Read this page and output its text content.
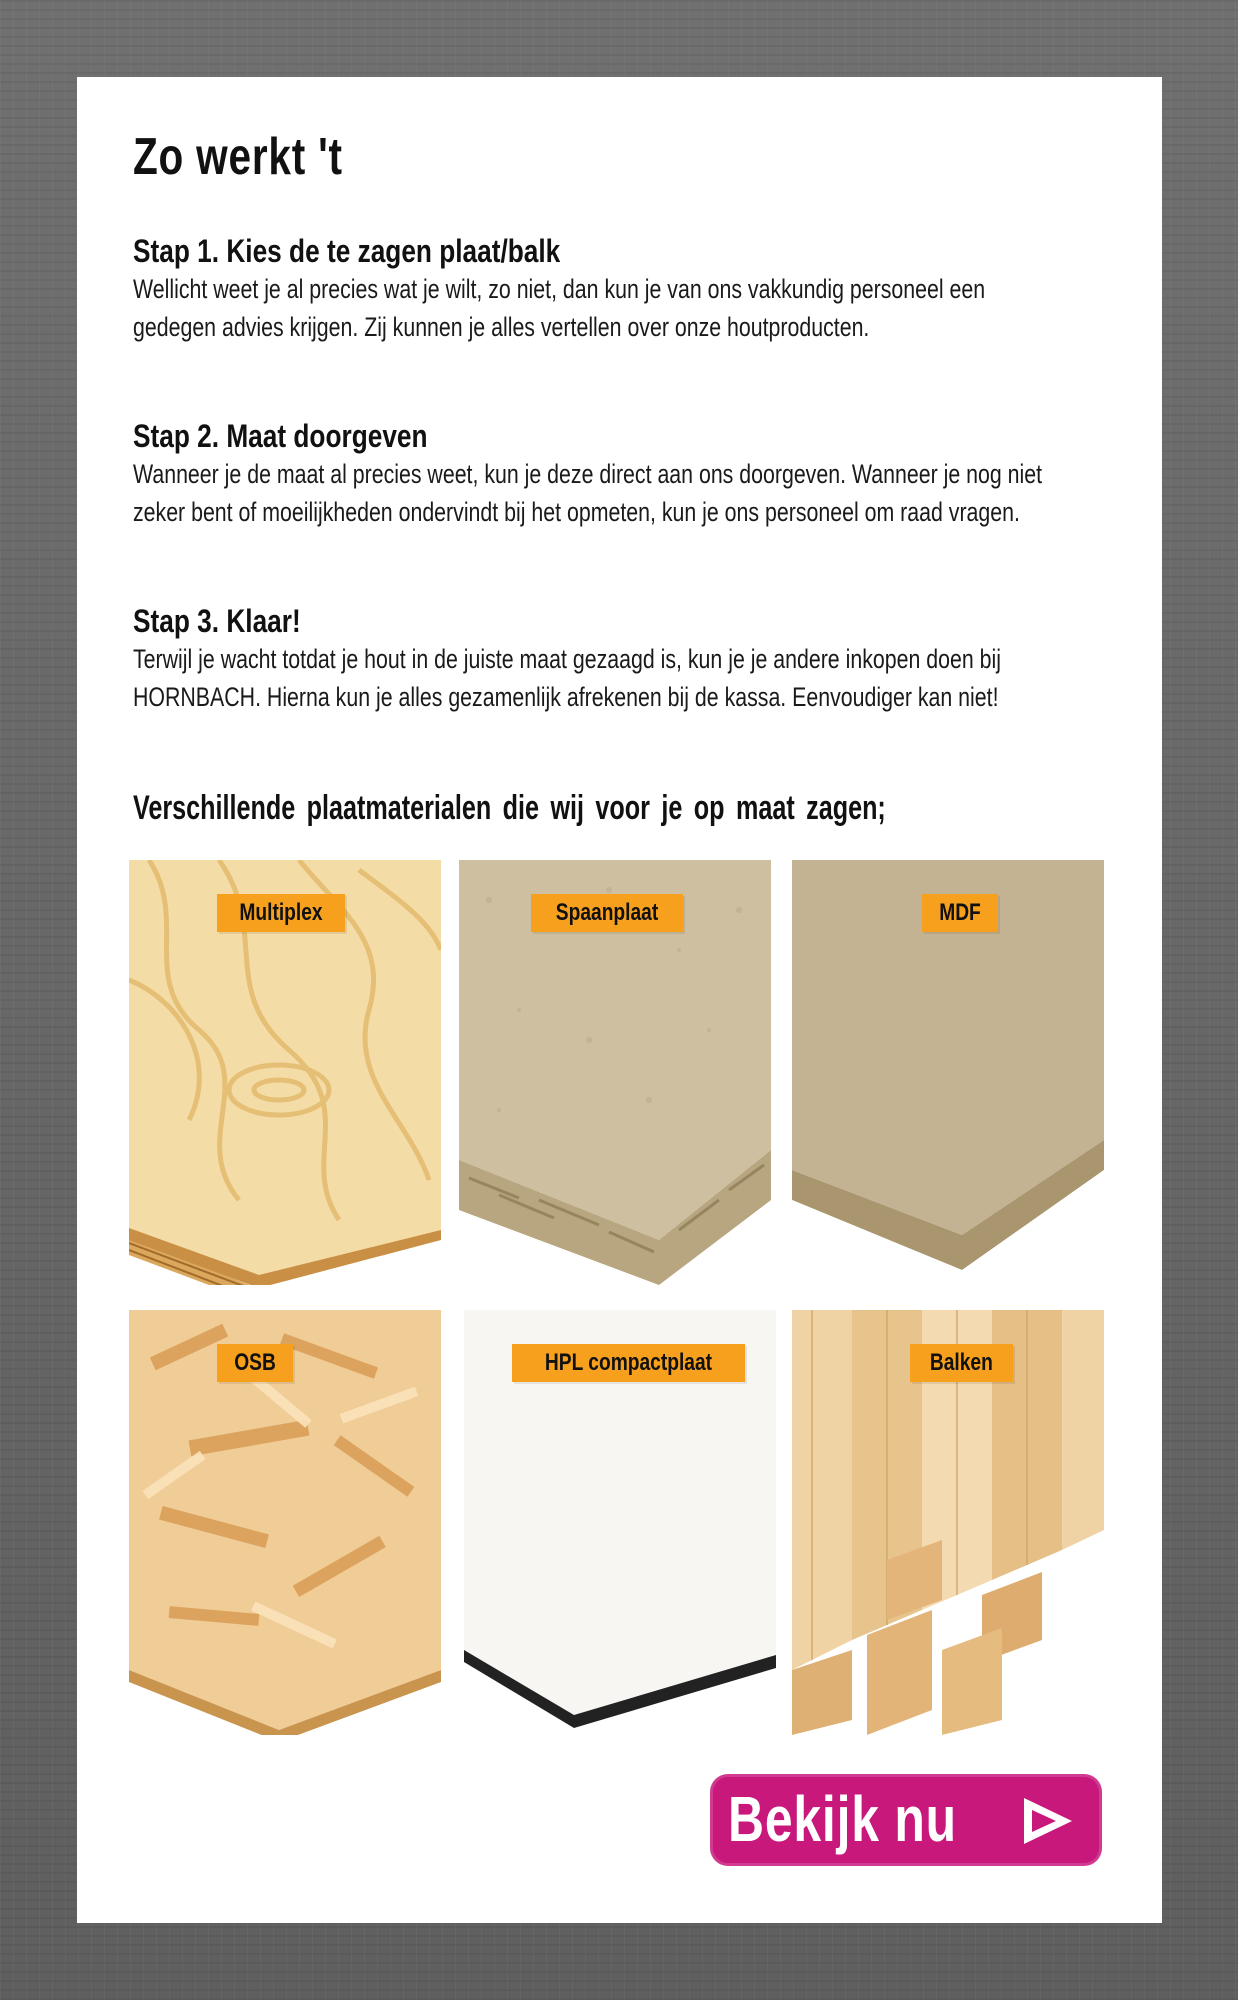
Zo werkt 't
Stap 1. Kies de te zagen plaat/balk

Wellicht weet je al precies wat je wilt, zo niet, dan kun je van ons vakkundig personeel een gedegen advies krijgen. Zij kunnen je alles vertellen over onze houtproducten.

Stap 2. Maat doorgeven

Wanneer je de maat al precies weet, kun je deze direct aan ons doorgeven. Wanneer je nog niet zeker bent of moeilijkheden ondervindt bij het opmeten, kun je ons personeel om raad vragen.

Stap 3. Klaar!

Terwijl je wacht totdat je hout in de juiste maat gezaagd is, kun je je andere inkopen doen bij HORNBACH. Hierna kun je alles gezamenlijk afrekenen bij de kassa. Eenvoudiger kan niet!

Verschillende plaatmaterialen die wij voor je op maat zagen;
Multiplex	Spaanplaat	MDF
OSB	HPL compactplaat	Balken
Bekijk nu
